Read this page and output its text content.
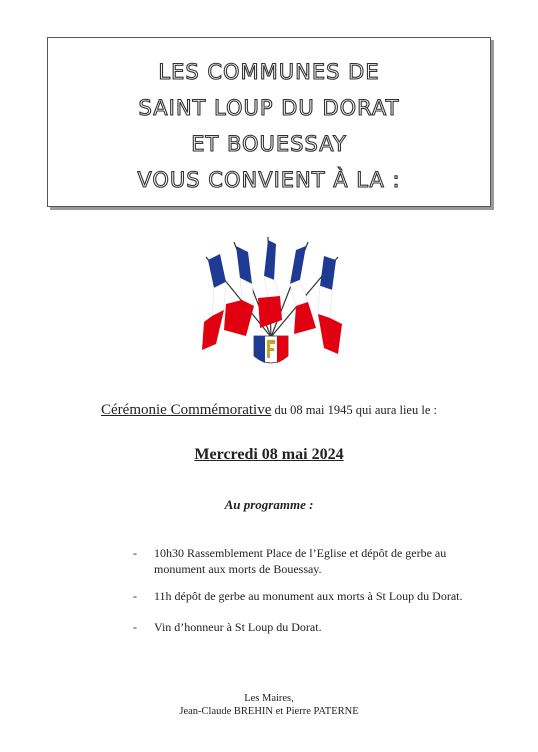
LES COMMUNES DE
SAINT LOUP DU DORAT
ET BOUESSAY
VOUS CONVIENT À LA :
Cérémonie Commémorative du 08 mai 1945 qui aura lieu le :
Mercredi 08 mai 2024
Au programme :
- 10h30 Rassemblement Place de l’Eglise et dépôt de gerbe au monument aux morts de Bouessay.
- 11h dépôt de gerbe au monument aux morts à St Loup du Dorat.
- Vin d’honneur à St Loup du Dorat.
Les Maires,
Jean-Claude BREHIN et Pierre PATERNE
